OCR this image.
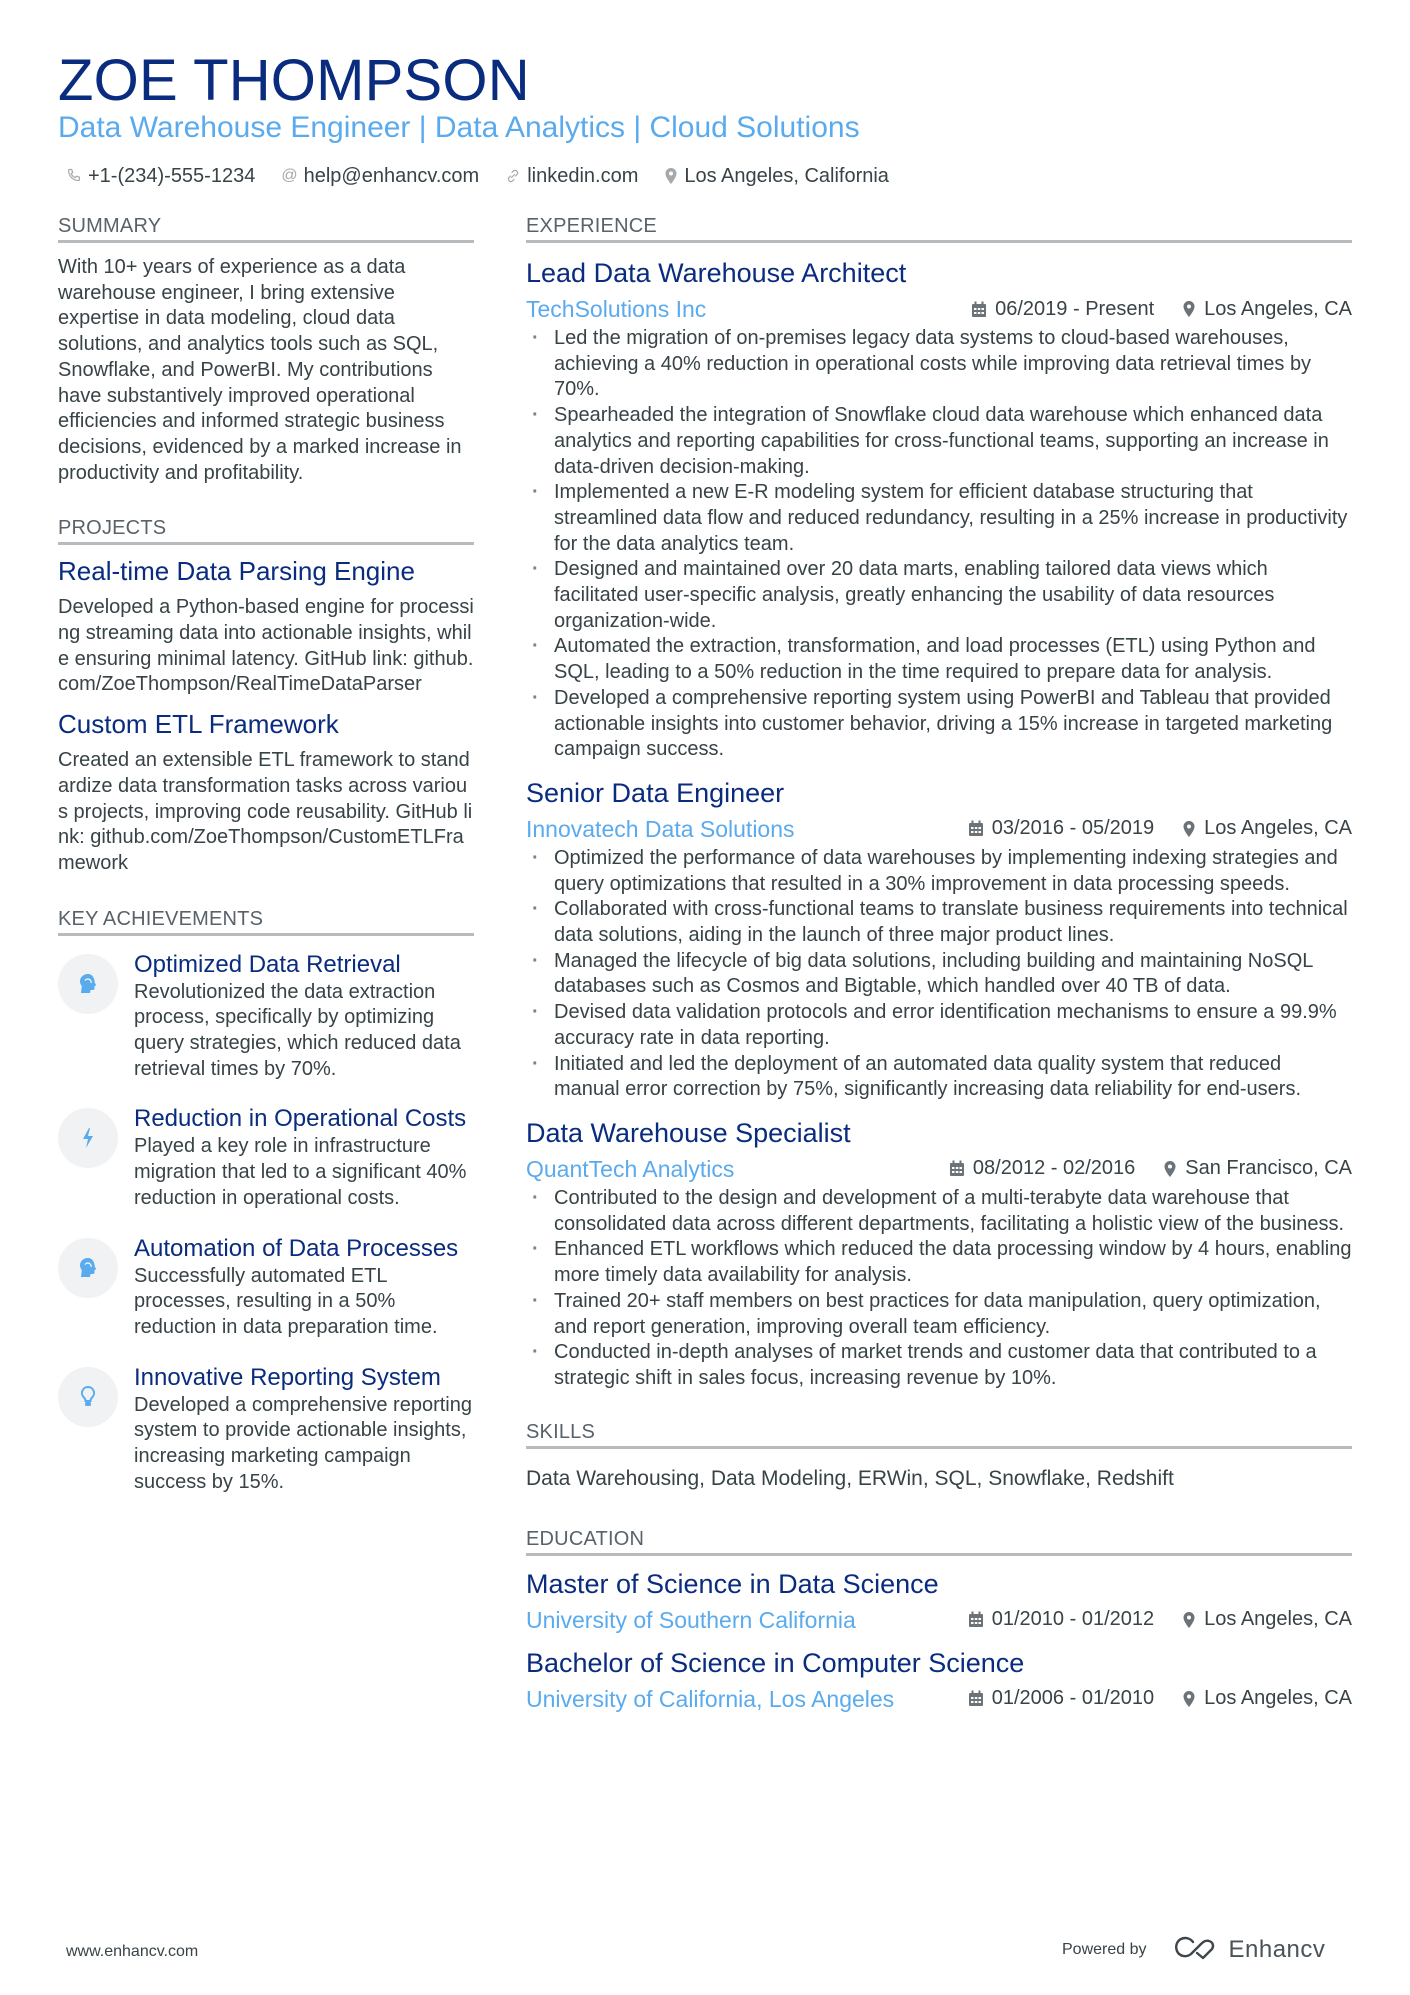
ZOE THOMPSON
Data Warehouse Engineer | Data Analytics | Cloud Solutions
+1-(234)-555-1234 @ help@enhancv.com linkedin.com Los Angeles, California
SUMMARY
With 10+ years of experience as a data warehouse engineer, I bring extensive expertise in data modeling, cloud data solutions, and analytics tools such as SQL, Snowflake, and PowerBI. My contributions have substantively improved operational efficiencies and informed strategic business decisions, evidenced by a marked increase in productivity and profitability.
PROJECTS
Real-time Data Parsing Engine
Developed a Python-based engine for processing streaming data into actionable insights, while ensuring minimal latency. GitHub link: github.com/ZoeThompson/RealTimeDataParser
Custom ETL Framework
Created an extensible ETL framework to standardize data transformation tasks across various projects, improving code reusability. GitHub link: github.com/ZoeThompson/CustomETLFramework
KEY ACHIEVEMENTS
Optimized Data Retrieval
Revolutionized the data extraction process, specifically by optimizing query strategies, which reduced data retrieval times by 70%.
Reduction in Operational Costs
Played a key role in infrastructure migration that led to a significant 40% reduction in operational costs.
Automation of Data Processes
Successfully automated ETL processes, resulting in a 50% reduction in data preparation time.
Innovative Reporting System
Developed a comprehensive reporting system to provide actionable insights, increasing marketing campaign success by 15%.
EXPERIENCE
Lead Data Warehouse Architect
TechSolutions Inc	06/2019 - Present	Los Angeles, CA
· Led the migration of on-premises legacy data systems to cloud-based warehouses, achieving a 40% reduction in operational costs while improving data retrieval times by 70%.
· Spearheaded the integration of Snowflake cloud data warehouse which enhanced data analytics and reporting capabilities for cross-functional teams, supporting an increase in data-driven decision-making.
· Implemented a new E-R modeling system for efficient database structuring that streamlined data flow and reduced redundancy, resulting in a 25% increase in productivity for the data analytics team.
· Designed and maintained over 20 data marts, enabling tailored data views which facilitated user-specific analysis, greatly enhancing the usability of data resources organization-wide.
· Automated the extraction, transformation, and load processes (ETL) using Python and SQL, leading to a 50% reduction in the time required to prepare data for analysis.
· Developed a comprehensive reporting system using PowerBI and Tableau that provided actionable insights into customer behavior, driving a 15% increase in targeted marketing campaign success.
Senior Data Engineer
Innovatech Data Solutions	03/2016 - 05/2019	Los Angeles, CA
· Optimized the performance of data warehouses by implementing indexing strategies and query optimizations that resulted in a 30% improvement in data processing speeds.
· Collaborated with cross-functional teams to translate business requirements into technical data solutions, aiding in the launch of three major product lines.
· Managed the lifecycle of big data solutions, including building and maintaining NoSQL databases such as Cosmos and Bigtable, which handled over 40 TB of data.
· Devised data validation protocols and error identification mechanisms to ensure a 99.9% accuracy rate in data reporting.
· Initiated and led the deployment of an automated data quality system that reduced manual error correction by 75%, significantly increasing data reliability for end-users.
Data Warehouse Specialist
QuantTech Analytics	08/2012 - 02/2016	San Francisco, CA
· Contributed to the design and development of a multi-terabyte data warehouse that consolidated data across different departments, facilitating a holistic view of the business.
· Enhanced ETL workflows which reduced the data processing window by 4 hours, enabling more timely data availability for analysis.
· Trained 20+ staff members on best practices for data manipulation, query optimization, and report generation, improving overall team efficiency.
· Conducted in-depth analyses of market trends and customer data that contributed to a strategic shift in sales focus, increasing revenue by 10%.
SKILLS
Data Warehousing, Data Modeling, ERWin, SQL, Snowflake, Redshift
EDUCATION
Master of Science in Data Science
University of Southern California	01/2010 - 01/2012	Los Angeles, CA
Bachelor of Science in Computer Science
University of California, Los Angeles	01/2006 - 01/2010	Los Angeles, CA
www.enhancv.com	Powered by	Enhancv
